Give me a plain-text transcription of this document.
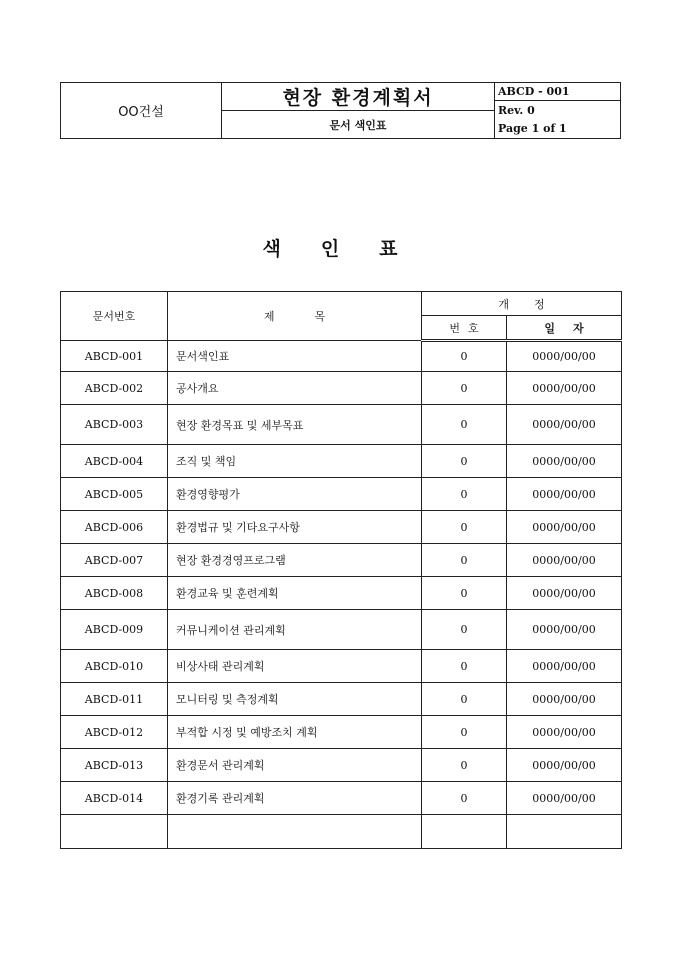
OO건설
현장 환경계획서
문서 색인표
ABCD - 001
Rev. 0
Page 1 of 1
색인표
문서번호	제목	개정	
		번호	일자
ABCD-001	문서색인표	0	0000/00/00
ABCD-002	공사개요	0	0000/00/00
ABCD-003	현장 환경목표 및 세부목표	0	0000/00/00
ABCD-004	조직 및 책임	0	0000/00/00
ABCD-005	환경영향평가	0	0000/00/00
ABCD-006	환경법규 및 기타요구사항	0	0000/00/00
ABCD-007	현장 환경경영프로그램	0	0000/00/00
ABCD-008	환경교육 및 훈련계획	0	0000/00/00
ABCD-009	커뮤니케이션 관리계획	0	0000/00/00
ABCD-010	비상사태 관리계획	0	0000/00/00
ABCD-011	모니터링 및 측정계획	0	0000/00/00
ABCD-012	부적합 시정 및 예방조치 계획	0	0000/00/00
ABCD-013	환경문서 관리계획	0	0000/00/00
ABCD-014	환경기록 관리계획	0	0000/00/00
